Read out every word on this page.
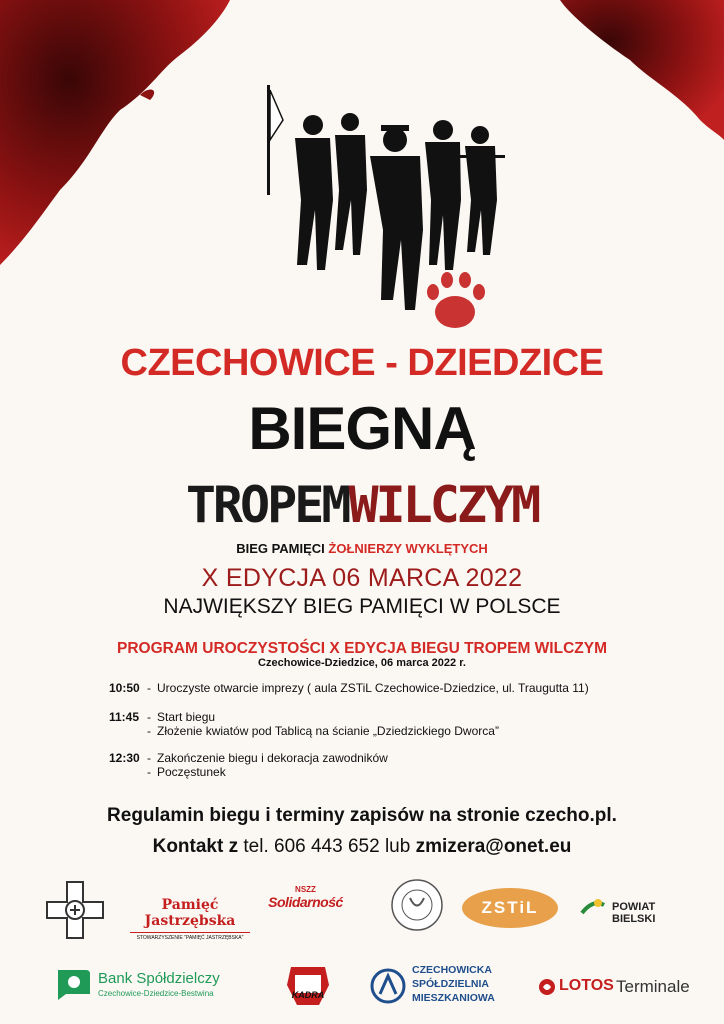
CZECHOWICE - DZIEDZICE
BIEGNĄ
TROPEMWILCZYM
BIEG PAMIĘCI ŻOŁNIERZY WYKLĘTYCH
X EDYCJA 06 MARCA 2022
NAJWIĘKSZY BIEG PAMIĘCI W POLSCE
PROGRAM UROCZYSTOŚCI X EDYCJA BIEGU TROPEM WILCZYM
Czechowice-Dziedzice, 06 marca 2022 r.
10:50 - Uroczyste otwarcie imprezy ( aula ZSTiL Czechowice-Dziedzice, ul. Traugutta 11)
11:45 - Start biegu
- Złożenie kwiatów pod Tablicą na ścianie „Dziedzickiego Dworca”
12:30 - Zakończenie biegu i dekoracja zawodników
- Poczęstunek
Regulamin biegu i terminy zapisów na stronie czecho.pl.
Kontakt z tel. 606 443 652 lub zmizera@onet.eu
Pamięć Jastrzębska
STOWARZYSZENIE "PAMIĘĆ JASTRZĘBSKA"
NSZZ
Solidarność	ZSTiL	POWIAT BIELSKI
Bank Spółdzielczy
Czechowice-Dziedzice-Bestwina	KADRA
CZECHOWICKA
SPÓŁDZIELNIA
MIESZKANIOWA
LOTOS Terminale
